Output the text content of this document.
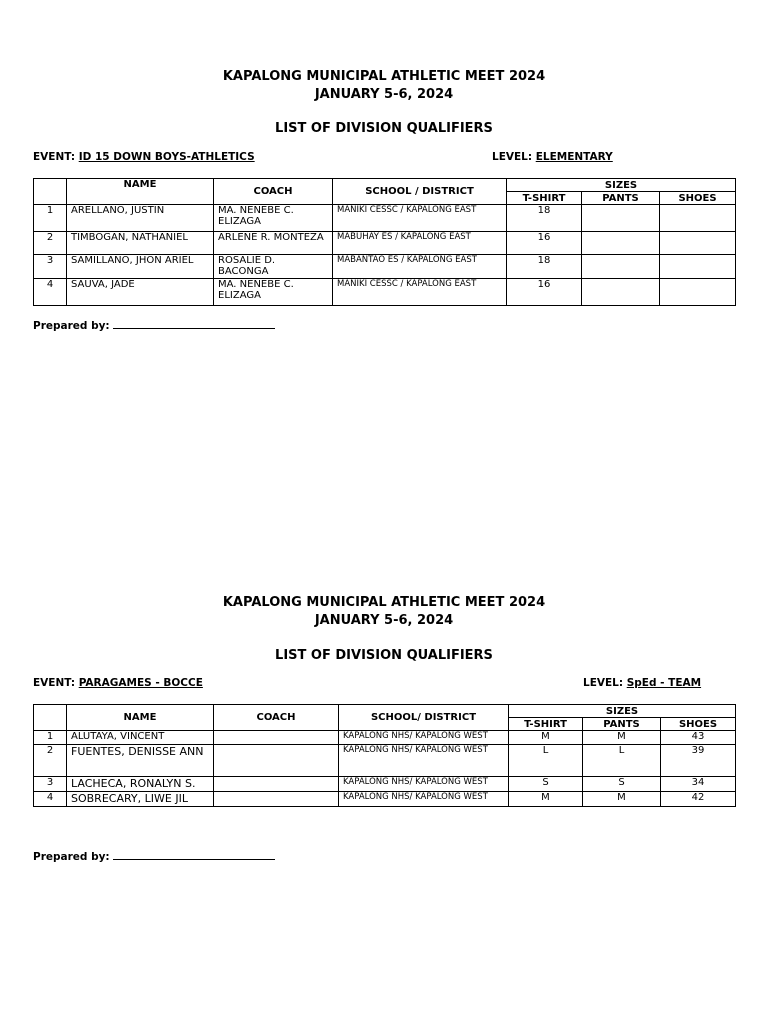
KAPALONG MUNICIPAL ATHLETIC MEET 2024
JANUARY 5-6, 2024
LIST OF DIVISION QUALIFIERS
EVENT: ID 15 DOWN BOYS-ATHLETICS	LEVEL: ELEMENTARY
	NAME	COACH	SCHOOL / DISTRICT	SIZES		
				T-SHIRT	PANTS	SHOES
1	ARELLANO, JUSTIN	MA. NENEBE C. ELIZAGA	MANIKI CESSC / KAPALONG EAST	18		
2	TIMBOGAN, NATHANIEL	ARLENE R. MONTEZA	MABUHAY ES / KAPALONG EAST	16		
3	SAMILLANO, JHON ARIEL	ROSALIE D. BACONGA	MABANTAO ES / KAPALONG EAST	18		
4	SAUVA, JADE	MA. NENEBE C. ELIZAGA	MANIKI CESSC / KAPALONG EAST	16		
Prepared by:
KAPALONG MUNICIPAL ATHLETIC MEET 2024
JANUARY 5-6, 2024
LIST OF DIVISION QUALIFIERS
EVENT: PARAGAMES - BOCCE	LEVEL: SpEd - TEAM
	NAME	COACH	SCHOOL/ DISTRICT	SIZES		
				T-SHIRT	PANTS	SHOES
1	ALUTAYA, VINCENT		KAPALONG NHS/ KAPALONG WEST	M	M	43
2	FUENTES, DENISSE ANN		KAPALONG NHS/ KAPALONG WEST	L	L	39
3	LACHECA, RONALYN S.		KAPALONG NHS/ KAPALONG WEST	S	S	34
4	SOBRECARY, LIWE JIL		KAPALONG NHS/ KAPALONG WEST	M	M	42
Prepared by:
